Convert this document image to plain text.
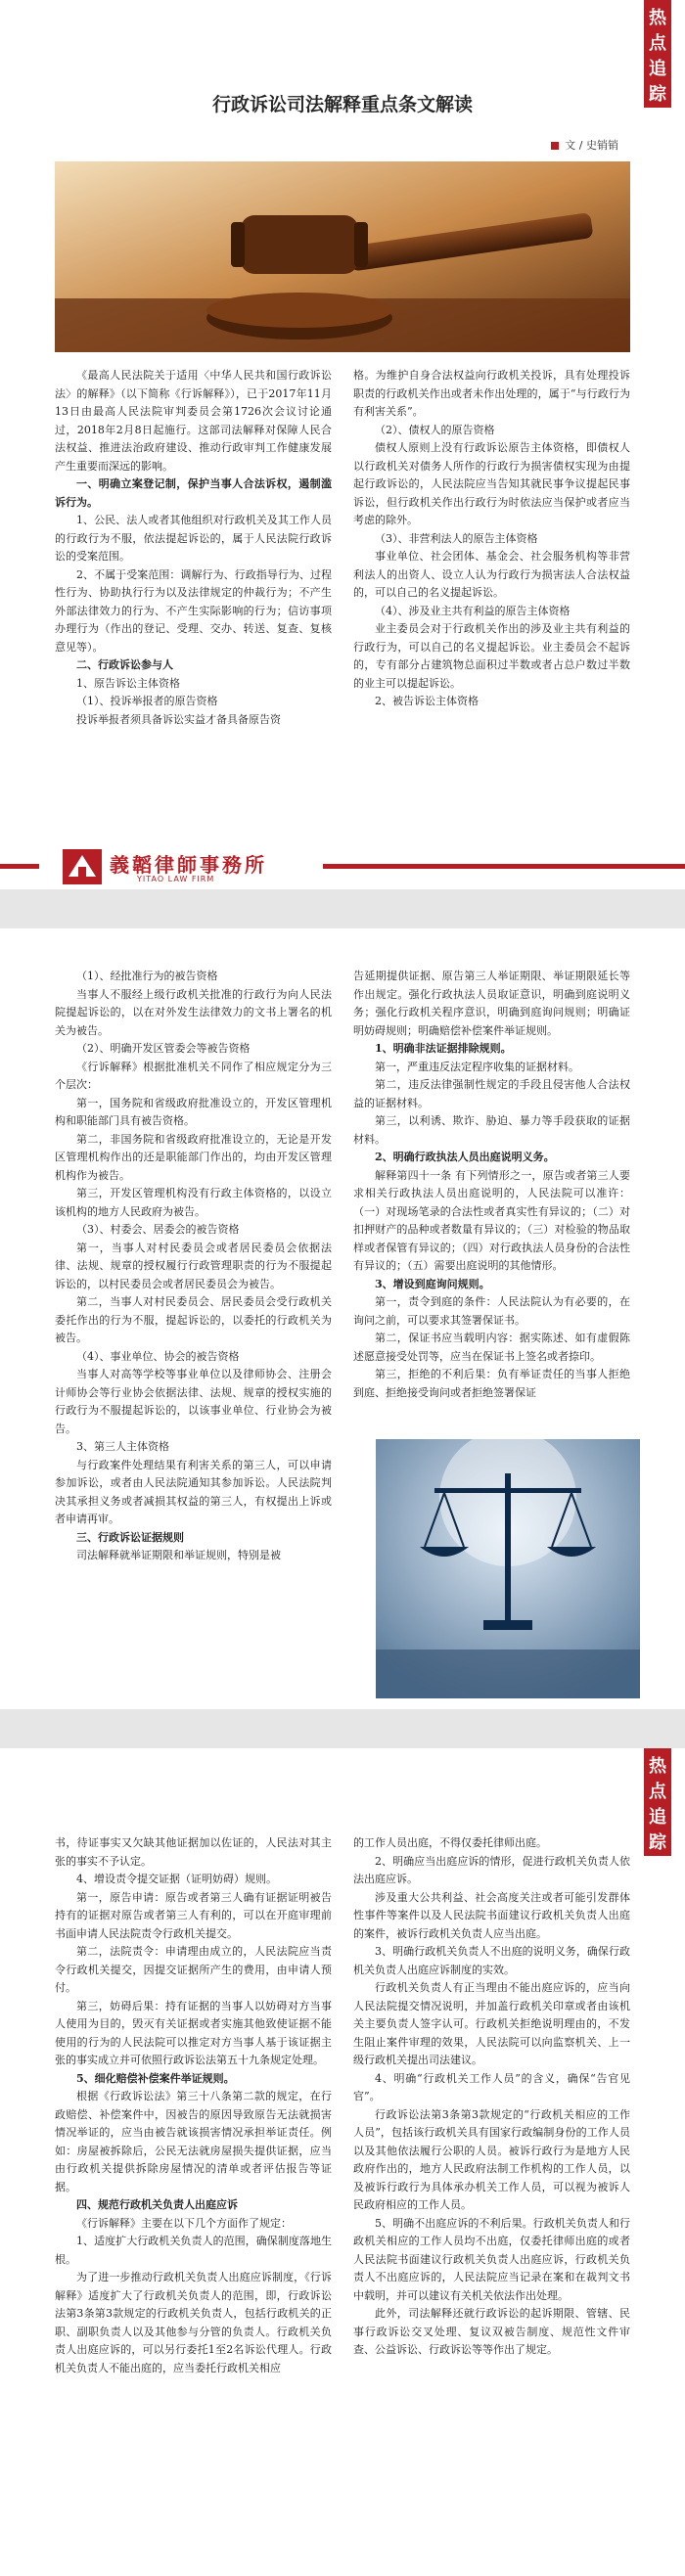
热
点
追
踪
行政诉讼司法解释重点条文解读
文 / 史销销

《最高人民法院关于适用〈中华人民共和国行政诉讼法〉的解释》（以下简称《行诉解释》），已于2017年11月13日由最高人民法院审判委员会第1726次会议讨论通过，2018年2月8日起施行。这部司法解释对保障人民合法权益、推进法治政府建设、推动行政审判工作健康发展产生重要而深远的影响。

一、明确立案登记制，保护当事人合法诉权，遏制滥诉行为。

1、公民、法人或者其他组织对行政机关及其工作人员的行政行为不服，依法提起诉讼的，属于人民法院行政诉讼的受案范围。

2、不属于受案范围：调解行为、行政指导行为、过程性行为、协助执行行为以及法律规定的仲裁行为；不产生外部法律效力的行为、不产生实际影响的行为；信访事项办理行为（作出的登记、受理、交办、转送、复查、复核意见等）。

二、行政诉讼参与人

1、原告诉讼主体资格

（1）、投诉举报者的原告资格

投诉举报者须具备诉讼实益才备具备原告资

格。为维护自身合法权益向行政机关投诉，具有处理投诉职责的行政机关作出或者未作出处理的，属于“与行政行为有利害关系”。

（2）、债权人的原告资格

债权人原则上没有行政诉讼原告主体资格，即债权人以行政机关对债务人所作的行政行为损害债权实现为由提起行政诉讼的，人民法院应当告知其就民事争议提起民事诉讼，但行政机关作出行政行为时依法应当保护或者应当考虑的除外。

（3）、非营利法人的原告主体资格

事业单位、社会团体、基金会、社会服务机构等非营利法人的出资人、设立人认为行政行为损害法人合法权益的，可以自己的名义提起诉讼。

（4）、涉及业主共有利益的原告主体资格

业主委员会对于行政机关作出的涉及业主共有利益的行政行为，可以自己的名义提起诉讼。业主委员会不起诉的，专有部分占建筑物总面积过半数或者占总户数过半数的业主可以提起诉讼。

2、被告诉讼主体资格

義韜律師事務所
YITAO LAW FIRM

（1）、经批准行为的被告资格

当事人不服经上级行政机关批准的行政行为向人民法院提起诉讼的，以在对外发生法律效力的文书上署名的机关为被告。

（2）、明确开发区管委会等被告资格

《行诉解释》根据批准机关不同作了相应规定分为三个层次：

第一，国务院和省级政府批准设立的，开发区管理机构和职能部门具有被告资格。

第二，非国务院和省级政府批准设立的，无论是开发区管理机构作出的还是职能部门作出的，均由开发区管理机构作为被告。

第三，开发区管理机构没有行政主体资格的，以设立该机构的地方人民政府为被告。

（3）、村委会、居委会的被告资格

第一，当事人对村民委员会或者居民委员会依据法律、法规、规章的授权履行行政管理职责的行为不服提起诉讼的，以村民委员会或者居民委员会为被告。

第二，当事人对村民委员会、居民委员会受行政机关委托作出的行为不服，提起诉讼的，以委托的行政机关为被告。

（4）、事业单位、协会的被告资格

当事人对高等学校等事业单位以及律师协会、注册会计师协会等行业协会依据法律、法规、规章的授权实施的行政行为不服提起诉讼的，以该事业单位、行业协会为被告。

3、第三人主体资格

与行政案件处理结果有利害关系的第三人，可以申请参加诉讼，或者由人民法院通知其参加诉讼。人民法院判决其承担义务或者减损其权益的第三人，有权提出上诉或者申请再审。

三、行政诉讼证据规则

司法解释就举证期限和举证规则，特别是被

告延期提供证据、原告第三人举证期限、举证期限延长等作出规定。强化行政执法人员取证意识，明确到庭说明义务；强化行政机关程序意识，明确到庭询问规则；明确证明妨碍规则；明确赔偿补偿案件举证规则。

1、明确非法证据排除规则。

第一，严重违反法定程序收集的证据材料。

第二，违反法律强制性规定的手段且侵害他人合法权益的证据材料。

第三，以利诱、欺诈、胁迫、暴力等手段获取的证据材料。

2、明确行政执法人员出庭说明义务。

解释第四十一条 有下列情形之一，原告或者第三人要求相关行政执法人员出庭说明的，人民法院可以准许：（一）对现场笔录的合法性或者真实性有异议的；（二）对扣押财产的品种或者数量有异议的；（三）对检验的物品取样或者保管有异议的；（四）对行政执法人员身份的合法性有异议的；（五）需要出庭说明的其他情形。

3、增设到庭询问规则。

第一，责令到庭的条件：人民法院认为有必要的，在询问之前，可以要求其签署保证书。

第二，保证书应当载明内容：据实陈述、如有虚假陈述愿意接受处罚等，应当在保证书上签名或者捺印。

第三，拒绝的不利后果：负有举证责任的当事人拒绝到庭、拒绝接受询问或者拒绝签署保证

热
点
追
踪

书，待证事实又欠缺其他证据加以佐证的，人民法对其主张的事实不予认定。

4、增设责令提交证据（证明妨碍）规则。

第一，原告申请：原告或者第三人确有证据证明被告持有的证据对原告或者第三人有利的，可以在开庭审理前书面申请人民法院责令行政机关提交。

第二，法院责令：申请理由成立的，人民法院应当责令行政机关提交，因提交证据所产生的费用，由申请人预付。

第三，妨碍后果：持有证据的当事人以妨碍对方当事人使用为目的，毁灭有关证据或者实施其他致使证据不能使用的行为的人民法院可以推定对方当事人基于该证据主张的事实成立并可依照行政诉讼法第五十九条规定处理。

5、细化赔偿补偿案件举证规则。

根据《行政诉讼法》第三十八条第二款的规定，在行政赔偿、补偿案件中，因被告的原因导致原告无法就损害情况举证的，应当由被告就该损害情况承担举证责任。例如：房屋被拆除后，公民无法就房屋损失提供证据，应当由行政机关提供拆除房屋情况的清单或者评估报告等证据。

四、规范行政机关负责人出庭应诉

《行诉解释》主要在以下几个方面作了规定：

1、适度扩大行政机关负责人的范围，确保制度落地生根。

为了进一步推动行政机关负责人出庭应诉制度，《行诉解释》适度扩大了行政机关负责人的范围，即，行政诉讼法第3条第3款规定的行政机关负责人，包括行政机关的正职、副职负责人以及其他参与分管的负责人。行政机关负责人出庭应诉的，可以另行委托1至2名诉讼代理人。行政机关负责人不能出庭的，应当委托行政机关相应

的工作人员出庭，不得仅委托律师出庭。

2、明确应当出庭应诉的情形，促进行政机关负责人依法出庭应诉。

涉及重大公共利益、社会高度关注或者可能引发群体性事件等案件以及人民法院书面建议行政机关负责人出庭的案件，被诉行政机关负责人应当出庭。

3、明确行政机关负责人不出庭的说明义务，确保行政机关负责人出庭应诉制度的实效。

行政机关负责人有正当理由不能出庭应诉的，应当向人民法院提交情况说明，并加盖行政机关印章或者由该机关主要负责人签字认可。行政机关拒绝说明理由的，不发生阻止案件审理的效果，人民法院可以向监察机关、上一级行政机关提出司法建议。

4、明确“行政机关工作人员”的含义，确保“告官见官”。

行政诉讼法第3条第3款规定的“行政机关相应的工作人员”，包括该行政机关具有国家行政编制身份的工作人员以及其他依法履行公职的人员。被诉行政行为是地方人民政府作出的，地方人民政府法制工作机构的工作人员，以及被诉行政行为具体承办机关工作人员，可以视为被诉人民政府相应的工作人员。

5、明确不出庭应诉的不利后果。行政机关负责人和行政机关相应的工作人员均不出庭，仅委托律师出庭的或者人民法院书面建议行政机关负责人出庭应诉，行政机关负责人不出庭应诉的，人民法院应当记录在案和在裁判文书中载明，并可以建议有关机关依法作出处理。

此外，司法解释还就行政诉讼的起诉期限、管辖、民事行政诉讼交叉处理、复议双被告制度、规范性文件审查、公益诉讼、行政诉讼等等作出了规定。
